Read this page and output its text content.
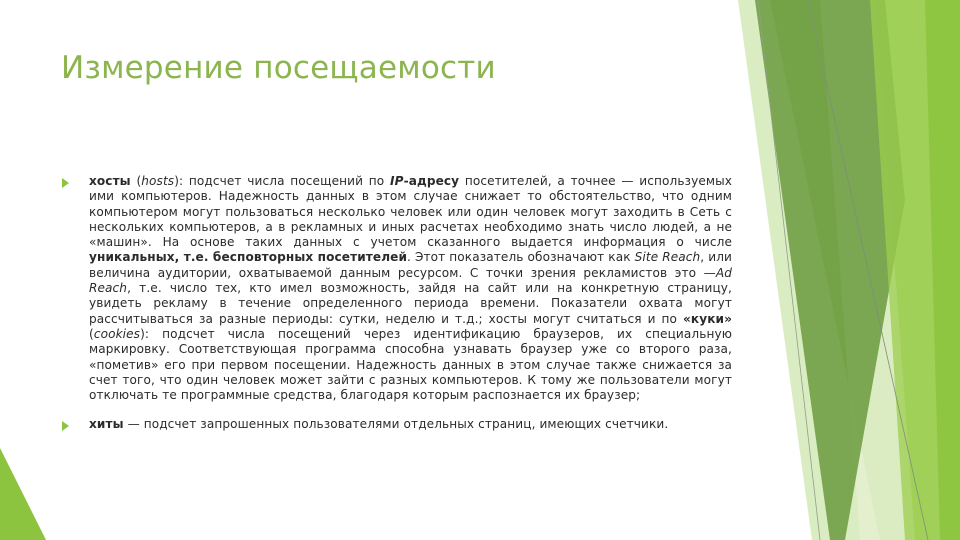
Измерение посещаемости
хосты (hosts): подсчет числа посещений по IP-адресу посетителей, а точнее — используемых ими компьютеров. Надежность данных в этом случае снижает то обстоятельство, что одним компьютером могут пользоваться несколько человек или один человек могут заходить в Сеть с нескольких компьютеров, а в рекламных и иных расчетах необходимо знать число людей, а не «машин». На основе таких данных с учетом сказанного выдается информация о числе уникальных, т.е. бесповторных посетителей. Этот показатель обозначают как Site Reach, или величина аудитории, охватываемой данным ресурсом. С точки зрения рекламистов это —Ad Reach, т.е. число тех, кто имел возможность, зайдя на сайт или на конкретную страницу, увидеть рекламу в течение определенного периода времени. Показатели охвата могут рассчитываться за разные периоды: сутки, неделю и т.д.; хосты могут считаться и по «куки» (cookies): подсчет числа посещений через идентификацию браузеров, их специальную маркировку. Соответствующая программа способна узнавать браузер уже со второго раза, «пометив» его при первом посещении. Надежность данных в этом случае также снижается за счет того, что один человек может зайти с разных компьютеров. К тому же пользователи могут отключать те программные средства, благодаря которым распознается их браузер;
хиты — подсчет запрошенных пользователями отдельных страниц, имеющих счетчики.
